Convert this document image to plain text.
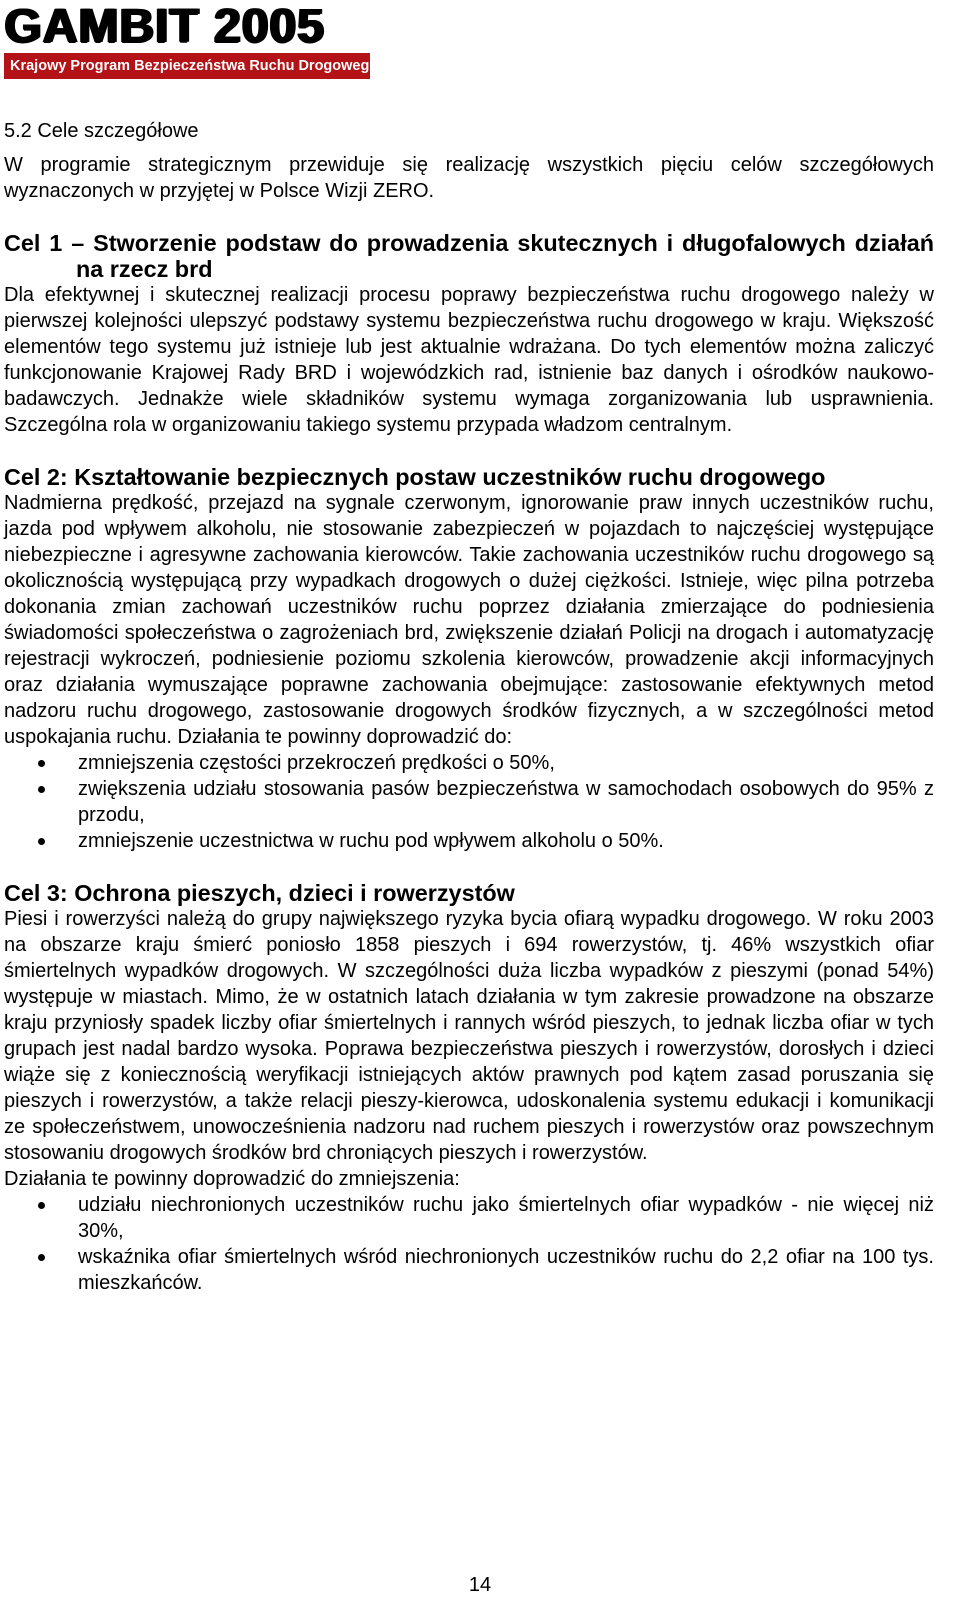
GAMBIT 2005
Krajowy Program Bezpieczeństwa Ruchu Drogowego
5.2 Cele szczegółowe

W programie strategicznym przewiduje się realizację wszystkich pięciu celów szczegółowych wyznaczonych w przyjętej w Polsce Wizji ZERO.

Cel 1 – Stworzenie podstaw do prowadzenia skutecznych i długofalowych działań na rzecz brd

Dla efektywnej i skutecznej realizacji procesu poprawy bezpieczeństwa ruchu drogowego należy w pierwszej kolejności ulepszyć podstawy systemu bezpieczeństwa ruchu drogowego w kraju. Większość elementów tego systemu już istnieje lub jest aktualnie wdrażana. Do tych elementów można zaliczyć funkcjonowanie Krajowej Rady BRD i wojewódzkich rad, istnienie baz danych i ośrodków naukowo-badawczych. Jednakże wiele składników systemu wymaga zorganizowania lub usprawnienia. Szczególna rola w organizowaniu takiego systemu przypada władzom centralnym.

Cel 2: Kształtowanie bezpiecznych postaw uczestników ruchu drogowego

Nadmierna prędkość, przejazd na sygnale czerwonym, ignorowanie praw innych uczestników ruchu, jazda pod wpływem alkoholu, nie stosowanie zabezpieczeń w pojazdach to najczęściej występujące niebezpieczne i agresywne zachowania kierowców. Takie zachowania uczestników ruchu drogowego są okolicznością występującą przy wypadkach drogowych o dużej ciężkości. Istnieje, więc pilna potrzeba dokonania zmian zachowań uczestników ruchu poprzez działania zmierzające do podniesienia świadomości społeczeństwa o zagrożeniach brd, zwiększenie działań Policji na drogach i automatyzację rejestracji wykroczeń, podniesienie poziomu szkolenia kierowców, prowadzenie akcji informacyjnych oraz działania wymuszające poprawne zachowania obejmujące: zastosowanie efektywnych metod nadzoru ruchu drogowego, zastosowanie drogowych środków fizycznych, a w szczególności metod uspokajania ruchu. Działania te powinny doprowadzić do:

zmniejszenia częstości przekroczeń prędkości o 50%,
zwiększenia udziału stosowania pasów bezpieczeństwa w samochodach osobowych do 95% z przodu,
zmniejszenie uczestnictwa w ruchu pod wpływem alkoholu o 50%.
Cel 3: Ochrona pieszych, dzieci i rowerzystów

Piesi i rowerzyści należą do grupy największego ryzyka bycia ofiarą wypadku drogowego. W roku 2003 na obszarze kraju śmierć poniosło 1858 pieszych i 694 rowerzystów, tj. 46% wszystkich ofiar śmiertelnych wypadków drogowych. W szczególności duża liczba wypadków z pieszymi (ponad 54%) występuje w miastach. Mimo, że w ostatnich latach działania w tym zakresie prowadzone na obszarze kraju przyniosły spadek liczby ofiar śmiertelnych i rannych wśród pieszych, to jednak liczba ofiar w tych grupach jest nadal bardzo wysoka. Poprawa bezpieczeństwa pieszych i rowerzystów, dorosłych i dzieci wiąże się z koniecznością weryfikacji istniejących aktów prawnych pod kątem zasad poruszania się pieszych i rowerzystów, a także relacji pieszy-kierowca, udoskonalenia systemu edukacji i komunikacji ze społeczeństwem, unowocześnienia nadzoru nad ruchem pieszych i rowerzystów oraz powszechnym stosowaniu drogowych środków brd chroniących pieszych i rowerzystów.

Działania te powinny doprowadzić do zmniejszenia:

udziału niechronionych uczestników ruchu jako śmiertelnych ofiar wypadków - nie więcej niż 30%,
wskaźnika ofiar śmiertelnych wśród niechronionych uczestników ruchu do 2,2 ofiar na 100 tys. mieszkańców.
14
